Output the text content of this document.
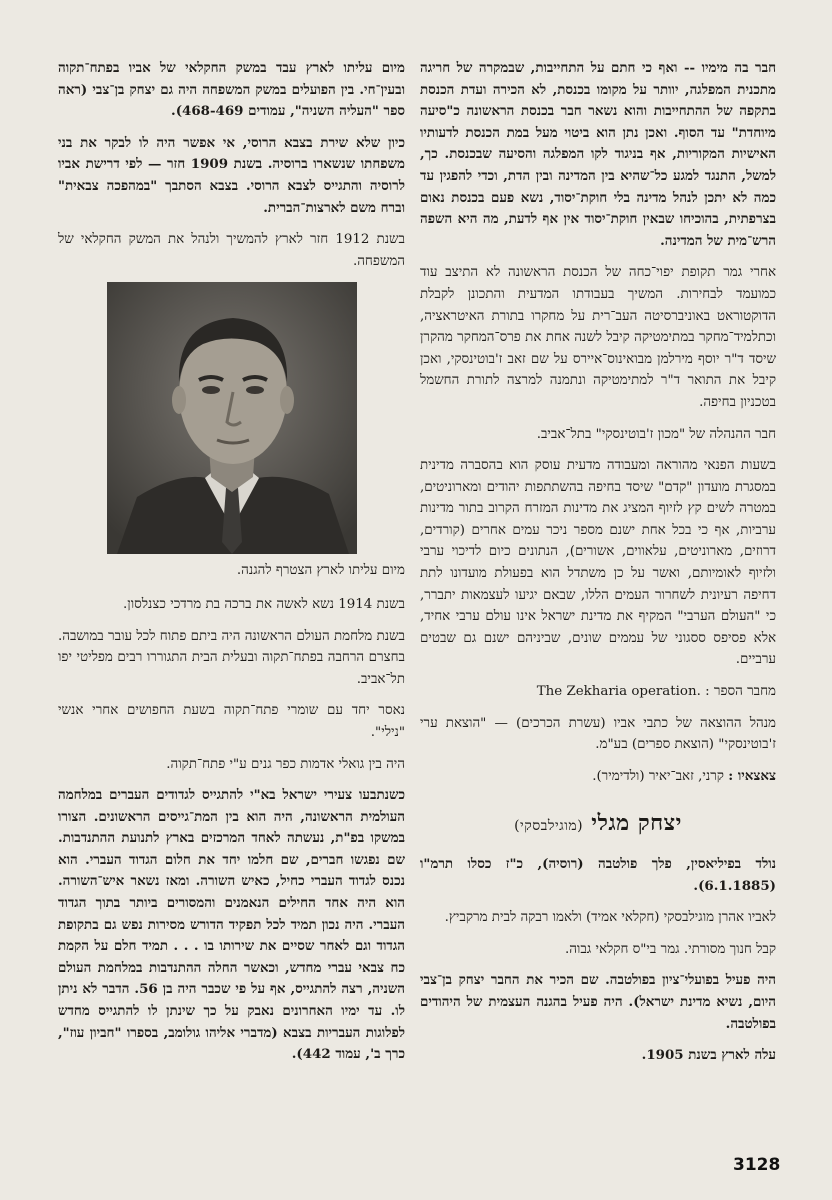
חבר בה מימיו -- ואף כי חתם על התחייבות, שבמקרה של חריגה מתכנית המפלגה, יוותר על מקומו בכנסת, לא הכירה ועדת הכנסת בתקפה של ההתחייבות והוא נשאר חבר בכנסת הראשונה כ"סיעה מיוחדת" עד הסוף. ואכן נתן הוא ביטוי מעל במת הכנסת לדעותיו האישיות המקוריות, אף בניגוד לקו המפלגה והסיעה שבכנסת. כך, למשל, התנגד למגע כל־שהיא בין המדינה ובין הדת, וכדי להפגין עד כמה לא יתכן לנהל מדינה בלי חוקת־יסוד, נשא פעם בכנסת נאום בצרפתית, בהוכיחו שבאין חוקת־יסוד אין אף לדעת, מה היא השפה הרש־מית של המדינה.

אחרי גמר תקופת יפוי־כחה של הכנסת הראשונה לא התיצב עוד כמועמד לבחירות. המשיך בעבודתו המדעית והתכונן לקבלת הדוקטוראט באוניברסיטה העב־רית על מחקרו בתורת האיטראציה, וכתלמיד־מחקר במתימטיקה קיבל לשנה אחת את פרס־המחקר מהקרן שיסד ד"ר יוסף מירלמן מבואינוס־איירס על שם זאב ז'בוטינסקי, ואכן קיבל את התואר ד"ר למתימטיקה ונתמנה למרצה לתורת החשמל בטכניון בחיפה.

חבר ההנהלה של "מכון ז'בוטינסקי" בתל־אביב.

בשעות הפנאי מהוראה ומעבודה מדעית עוסק הוא בהסברה מדינית במסגרת מועדון "קדם" שיסד בחיפה בהשתתפות יהודים ומארוניטים, במטרה לשים קץ לזיוף המציג את מדינות המזרח הקרוב בתור מדינות ערביות, אף כי בכל אחת ישנם מספר ניכר עמים אחרים (קורדים, דרוזים, מארוניטים, עלאווים, אשורים), הנתונים כיום לדיכוי ערבי ולזיוף לאומיותם, ואשר על כן משתדל הוא בפעולת מועדונו לתת דחיפה רעיונית לשחרור העמים הללו, שבאם יגיעו לעצמאות יתברר, כי "העולם הערבי" המקיף את מדינת ישראל אינו עולם ערבי אחיד, אלא פסיפס ססגוני של עממים שונים, שביניהם ישנם גם שבטים ערביים.

מחבר הספר : The Zekharia operation.

מנהל ההוצאה של כתבי אביו (עשרת הכרכים) — "הוצאת ערי ז'בוטינסקי" (הוצאת ספרים) בע"מ.

צאצאיו : קרני, זאב־יאיר (ולדימיר).

יצחק מגלי (מוגילבסקי)

נולד בפיליאסין, פלך פולטבה (רוסיה), כ"ז כסלו תרמ"ו (6.1.1885).

לאביו אהרן מוגילבסקי (חקלאי אמיד) ולאמו רבקה לבית מרקביץ.

קבל חנוך מסורתי. גמר בי"ס חקלאי גבוה.

היה פעיל בפועלי־ציון בפולטבה. שם הכיר את החבר יצחק בן־צבי היום, נשיא מדינת ישראל). היה פעיל בהגנה העצמית של היהודים בפולטבה.

עלה לארץ בשנת 1905.

מיום עליתו לארץ עבד במשק החקלאי של אביו בפתח־תקוה ובעין־חי. בין הפועלים במשק המשפחה היה גם יצחק בן־צבי (ראה ספר "העליה השניה", עמודים 468-469).

כיון שלא שירת בצבא הרוסי, אי אפשר היה לו לבקר את בני משפחתו שנשארו ברוסיה. בשנת 1909 חזר — לפי דרישת אביו לרוסיה והתגייס לצבא הרוסי. בצבא הסתבך "במהפכה צבאית" וברח משם לארצות־הברית.

בשנת 1912 חזר לארץ להמשיך ולנהל את המשק החקלאי של המשפחה.

מיום עליתו לארץ הצטרף להגנה.

בשנת 1914 נשא לאשה את ברכה בת מרדכי כצנלסון.

בשנת מלחמת העולם הראשונה היה ביתם פתוח לכל עובר במושבה. בחצרם הרחבה בפתח־תקוה ובעלית הבית התגוררו רבים מפליטי יפו תל־אביב.

נאסר יחד עם שומרי פתח־תקוה בשעת החפושים אחרי אנשי "נילי".

היה בין גואלי אדמות כפר גנים ע"י פתח־תקוה.

כשנתבעו צעירי ישראל בא"י להתגייס לגדודים העברים במלחמה העולמית הראשונה, היה הוא בין המת־גייסים הראשונים. הצורו במשקו בפ"ת, נעשתה לאחד המרכזים בארץ לתנועת ההתנדבות. שם נפגשו חברים, שם חלמו יחד את חלום הגדוד העברי. הוא נכנס לגדוד העברי כחיל, כאיש השורה. ומאז נשאר איש־השורה. הוא היה אחד החילים הנאמנים והמסורים ביותר בתוך הגדוד העברי. היה נכון תמיד לכל תפקיד הדורש מסירות נפש גם בתקופת הגדוד וגם לאחר שסיים את שירותו בו . . . תמיד חלם על הקמת כח צבאי עברי מחדש, וכאשר החלה ההתנדבות במלחמת העולם השניה, רצה להתגייס, אף על פי שכבר היה בן 56. הדבר לא ניתן לו. עד ימיו האחרונים נאבק על כך שינתן לו להתגייס מחדש לפלוגות העבריות בצבא (מדברי אליהו גולומב, בספרו "חביון עוז", כרך ב', עמוד 442).

3128
